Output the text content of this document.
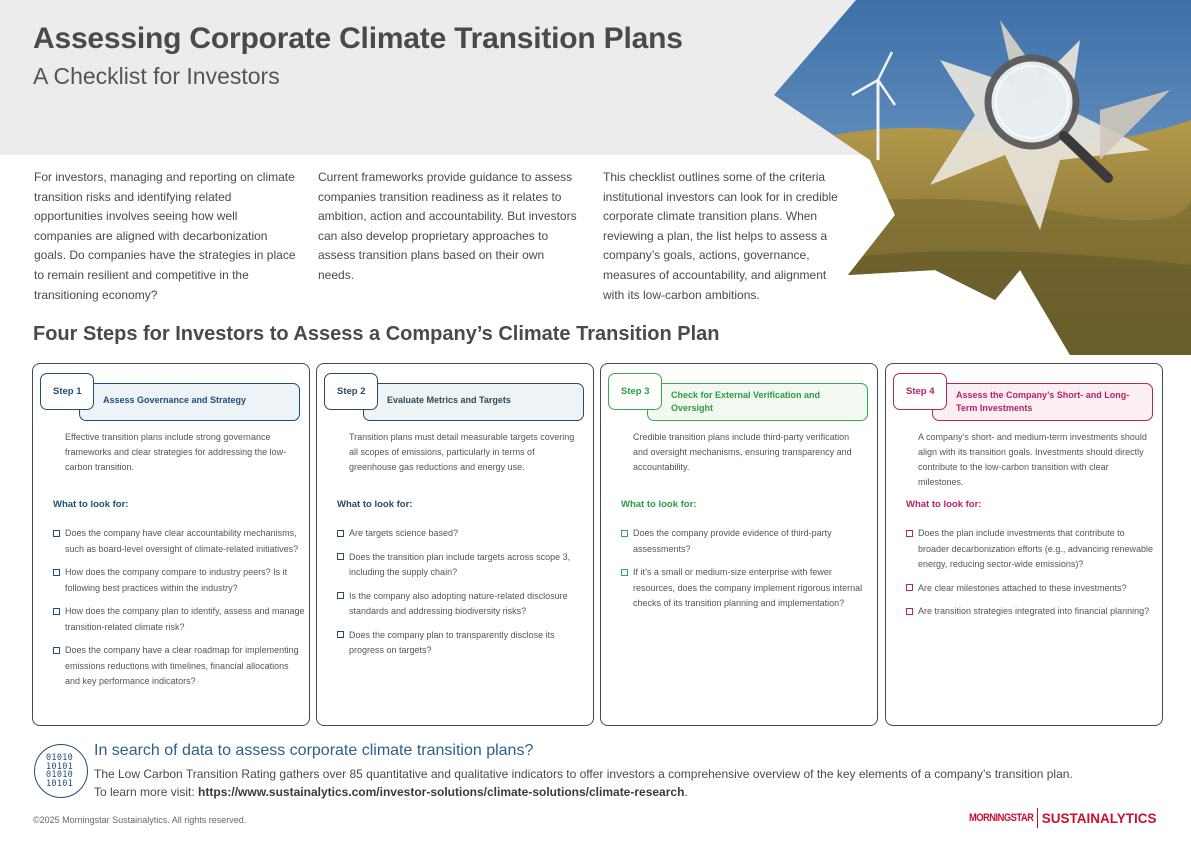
Assessing Corporate Climate Transition Plans
A Checklist for Investors

For investors, managing and reporting on climate transition risks and identifying related opportunities involves seeing how well companies are aligned with decarbonization goals. Do companies have the strategies in place to remain resilient and competitive in the transitioning economy?

Current frameworks provide guidance to assess companies transition readiness as it relates to ambition, action and accountability. But investors can also develop proprietary approaches to assess transition plans based on their own needs.

This checklist outlines some of the criteria institutional investors can look for in credible corporate climate transition plans. When reviewing a plan, the list helps to assess a company’s goals, actions, governance, measures of accountability, and alignment with its low-carbon ambitions.

Four Steps for Investors to Assess a Company’s Climate Transition Plan
Step 1
Assess Governance and Strategy

Effective transition plans include strong governance frameworks and clear strategies for addressing the low-carbon transition.

What to look for:
Does the company have clear accountability mechanisms, such as board-level oversight of climate-related initiatives?
How does the company compare to industry peers? Is it following best practices within the industry?
How does the company plan to identify, assess and manage transition-related climate risk?
Does the company have a clear roadmap for implementing emissions reductions with timelines, financial allocations and key performance indicators?
Step 2
Evaluate Metrics and Targets

Transition plans must detail measurable targets covering all scopes of emissions, particularly in terms of greenhouse gas reductions and energy use.

What to look for:
Are targets science based?
Does the transition plan include targets across scope 3, including the supply chain?
Is the company also adopting nature-related disclosure standards and addressing biodiversity risks?
Does the company plan to transparently disclose its progress on targets?
Step 3	Check for External Verification and Oversight

Credible transition plans include third-party verification and oversight mechanisms, ensuring transparency and accountability.

What to look for:
Does the company provide evidence of third-party assessments?
If it’s a small or medium-size enterprise with fewer resources, does the company implement rigorous internal checks of its transition planning and implementation?
Step 4	Assess the Company’s Short- and Long-Term Investments

A company’s short- and medium-term investments should align with its transition goals. Investments should directly contribute to the low-carbon transition with clear milestones.

What to look for:
Does the plan include investments that contribute to broader decarbonization efforts (e.g., advancing renewable energy, reducing sector-wide emissions)?
Are clear milestones attached to these investments?
Are transition strategies integrated into financial planning?
01010
10101
01010
10101
In search of data to assess corporate climate transition plans?
The Low Carbon Transition Rating gathers over 85 quantitative and qualitative indicators to offer investors a comprehensive overview of the key elements of a company’s transition plan.
To learn more visit: https://www.sustainalytics.com/investor-solutions/climate-solutions/climate-research.
©2025 Morningstar Sustainalytics. All rights reserved.	MORNINGSTAR SUSTAINALYTICS
